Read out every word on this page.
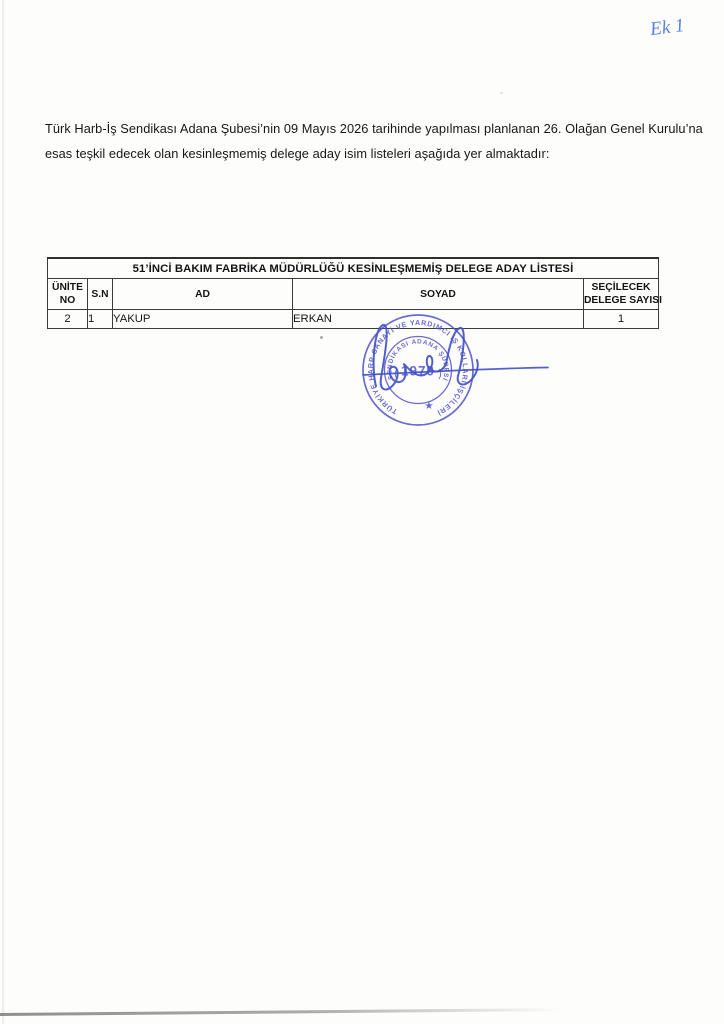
Ek 1
Türk Harb-İş Sendikası Adana Şubesi’nin 09 Mayıs 2026 tarihinde yapılması planlanan 26. Olağan Genel Kurulu’na
esas teşkil edecek olan kesinleşmemiş delege aday isim listeleri aşağıda yer almaktadır:
51’İNCİ BAKIM FABRİKA MÜDÜRLÜĞÜ KESİNLEŞMEMİŞ DELEGE ADAY LİSTESİ				

ÜNİTE
NO	S.N	AD	SOYAD	SEÇİLECEK
DELEGE SAYISI

2	1	YAKUP	ERKAN	1
TÜRKİYE HARP SANAYİ VE YARDIMCI İŞ KOLLARI İŞÇİLERİ
SENDİKASI ADANA ŞUBESİ
1970
★
